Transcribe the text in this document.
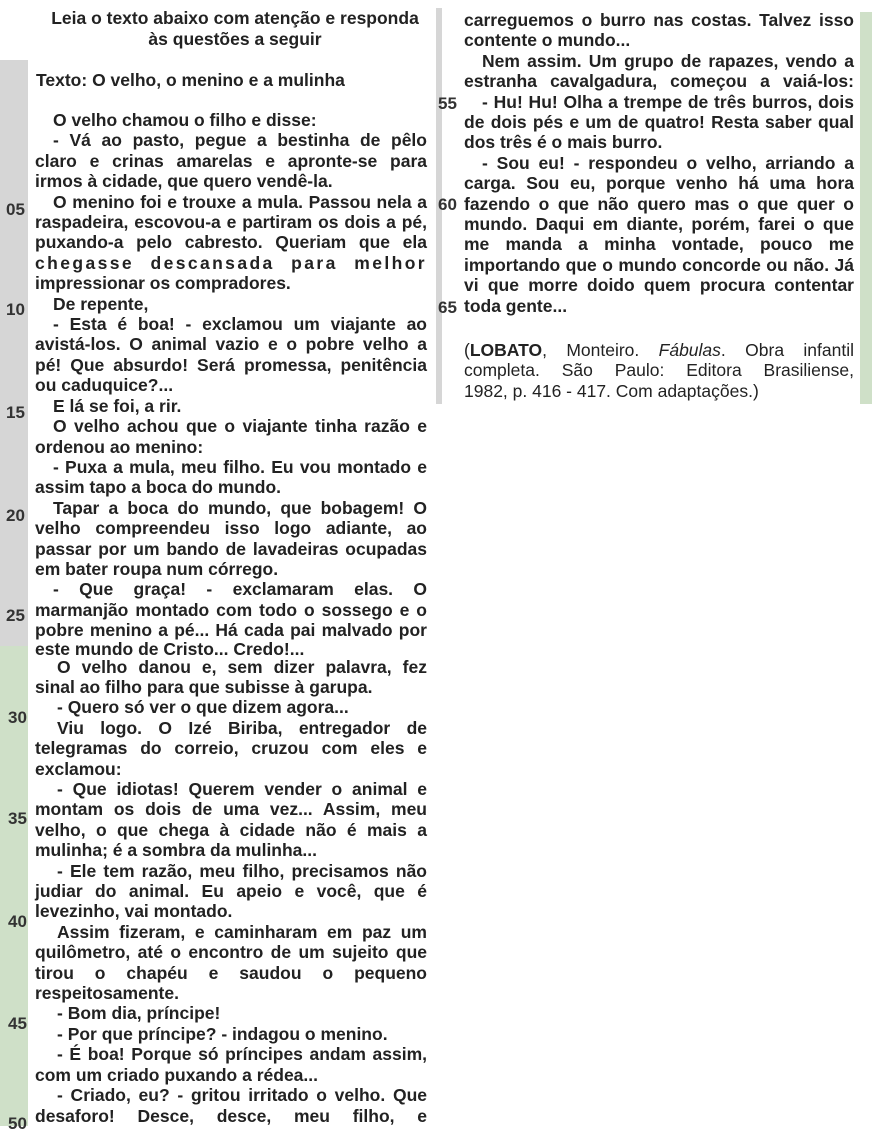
Leia o texto abaixo com atenção e responda às questões a seguir
Texto: O velho, o menino e a mulinha

O velho chamou o filho e disse:

- Vá ao pasto, pegue a bestinha de pêlo

claro e crinas amarelas e apronte-se para

irmos à cidade, que quero vendê-la.

O menino foi e trouxe a mula. Passou nela a

raspadeira, escovou-a e partiram os dois a pé,

puxando-a pelo cabresto. Queriam que ela

chegasse descansada para melhor

impressionar os compradores.

De repente,

- Esta é boa! - exclamou um viajante ao

avistá-los. O animal vazio e o pobre velho a

pé! Que absurdo! Será promessa, penitência

ou caduquice?...

E lá se foi, a rir.

O velho achou que o viajante tinha razão e

ordenou ao menino:

- Puxa a mula, meu filho. Eu vou montado e

assim tapo a boca do mundo.

Tapar a boca do mundo, que bobagem! O

velho compreendeu isso logo adiante, ao

passar por um bando de lavadeiras ocupadas

em bater roupa num córrego.

- Que graça! - exclamaram elas. O

marmanjão montado com todo o sossego e o

pobre menino a pé... Há cada pai malvado por

este mundo de Cristo... Credo!...

O velho danou e, sem dizer palavra, fez

sinal ao filho para que subisse à garupa.

- Quero só ver o que dizem agora...

Viu logo. O Izé Biriba, entregador de

telegramas do correio, cruzou com eles e

exclamou:

- Que idiotas! Querem vender o animal e

montam os dois de uma vez... Assim, meu

velho, o que chega à cidade não é mais a

mulinha; é a sombra da mulinha...

- Ele tem razão, meu filho, precisamos não

judiar do animal. Eu apeio e você, que é

levezinho, vai montado.

Assim fizeram, e caminharam em paz um

quilômetro, até o encontro de um sujeito que

tirou o chapéu e saudou o pequeno

respeitosamente.

- Bom dia, príncipe!

- Por que príncipe? - indagou o menino.

- É boa! Porque só príncipes andam assim,

com um criado puxando a rédea...

- Criado, eu? - gritou irritado o velho. Que

desaforo! Desce, desce, meu filho, e

carreguemos o burro nas costas. Talvez isso

contente o mundo...

Nem assim. Um grupo de rapazes, vendo a

estranha cavalgadura, começou a vaiá-los:

- Hu! Hu! Olha a trempe de três burros, dois

de dois pés e um de quatro! Resta saber qual

dos três é o mais burro.

- Sou eu! - respondeu o velho, arriando a

carga. Sou eu, porque venho há uma hora

fazendo o que não quero mas o que quer o

mundo. Daqui em diante, porém, farei o que

me manda a minha vontade, pouco me

importando que o mundo concorde ou não. Já

vi que morre doido quem procura contentar

toda gente...

(LOBATO, Monteiro. Fábulas. Obra infantil

completa. São Paulo: Editora Brasiliense,

1982, p. 416 - 417. Com adaptações.)

05
10
15
20
25
30
35
40
45
50
55
60
65
